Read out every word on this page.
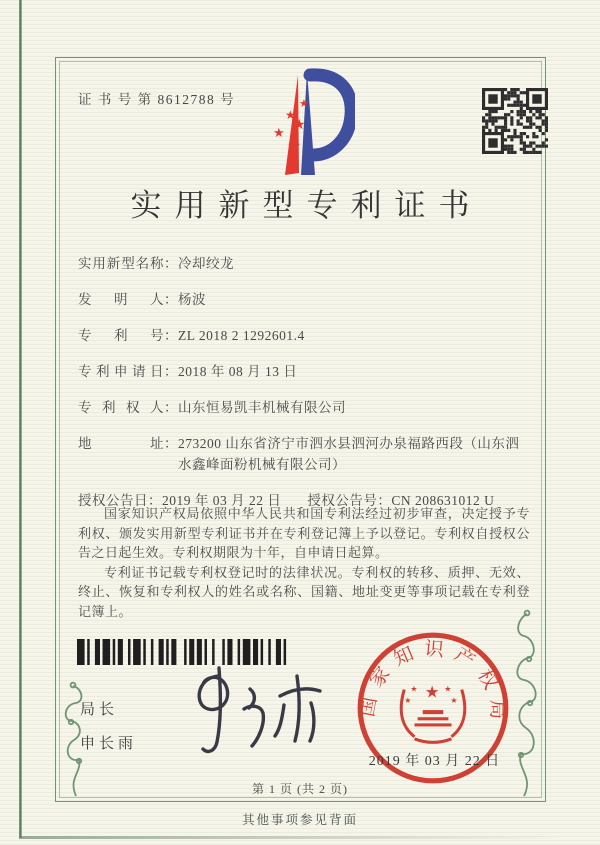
证 书 号 第 8612788 号	★
★
★
★
★
实用新型专利证书
实用新型名称 ： 冷却绞龙
发明人 ： 杨波
专利号 ： ZL 2018 2 1292601.4
专利申请日 ： 2018 年 08 月 13 日
专利权人 ： 山东恒易凯丰机械有限公司
地址 ： 273200 山东省济宁市泗水县泗河办泉福路西段（山东泗水鑫峰面粉机械有限公司）
授权公告日 ： 2019 年 03 月 22 日 授权公告号 ： CN 208631012 U

国家知识产权局依照中华人民共和国专利法经过初步审查，决定授予专利权、颁发实用新型专利证书并在专利登记簿上予以登记。专利权自授权公告之日起生效。专利权期限为十年，自申请日起算。

专利证书记载专利权登记时的法律状况。专利权的转移、质押、无效、终止、恢复和专利权人的姓名或名称、国籍、地址变更等事项记载在专利登记簿上。

局长
申长雨
国家知识产权局
★
★	★
★	★
2019 年 03 月 22 日
第 1 页 (共 2 页)
其他事项参见背面
